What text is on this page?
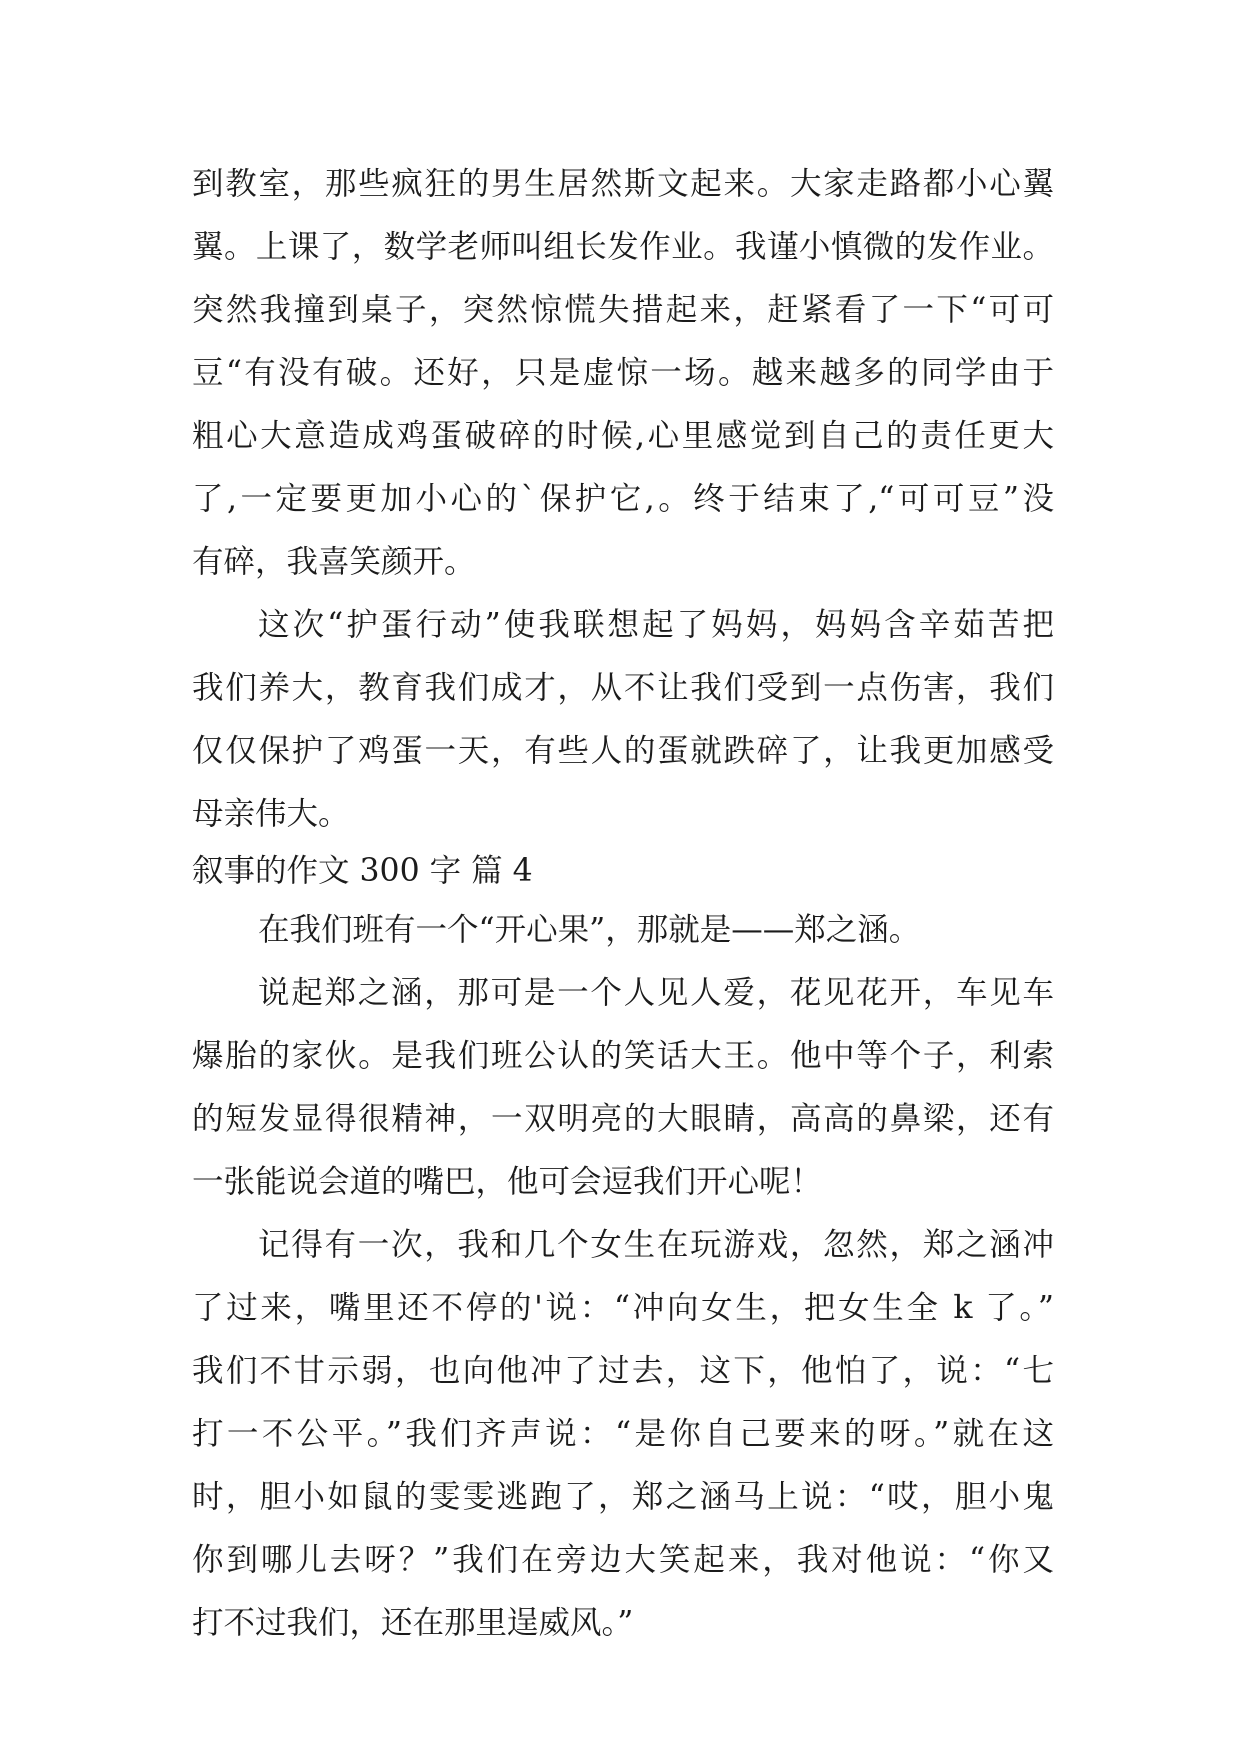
到教室，那些疯狂的男生居然斯文起来。大家走路都小心翼
翼。上课了，数学老师叫组长发作业。我谨小慎微的发作业。
突然我撞到桌子，突然惊慌失措起来，赶紧看了一下“可可
豆“有没有破。还好，只是虚惊一场。越来越多的同学由于
粗心大意造成鸡蛋破碎的时候,心里感觉到自己的责任更大
了,一定要更加小心的`保护它,。终于结束了,“可可豆”没
有碎，我喜笑颜开。
这次“护蛋行动”使我联想起了妈妈，妈妈含辛茹苦把
我们养大，教育我们成才，从不让我们受到一点伤害，我们
仅仅保护了鸡蛋一天，有些人的蛋就跌碎了，让我更加感受
母亲伟大。
叙事的作文 300 字 篇 4
在我们班有一个“开心果”，那就是——郑之涵。
说起郑之涵，那可是一个人见人爱，花见花开，车见车
爆胎的家伙。是我们班公认的笑话大王。他中等个子，利索
的短发显得很精神，一双明亮的大眼睛，高高的鼻梁，还有
一张能说会道的嘴巴，他可会逗我们开心呢！
记得有一次，我和几个女生在玩游戏，忽然，郑之涵冲
了过来，嘴里还不停的'说：“冲向女生，把女生全 k 了。”
我们不甘示弱，也向他冲了过去，这下，他怕了，说：“七
打一不公平。”我们齐声说：“是你自己要来的呀。”就在这
时，胆小如鼠的雯雯逃跑了，郑之涵马上说：“哎，胆小鬼
你到哪儿去呀？”我们在旁边大笑起来，我对他说：“你又
打不过我们，还在那里逞威风。”
